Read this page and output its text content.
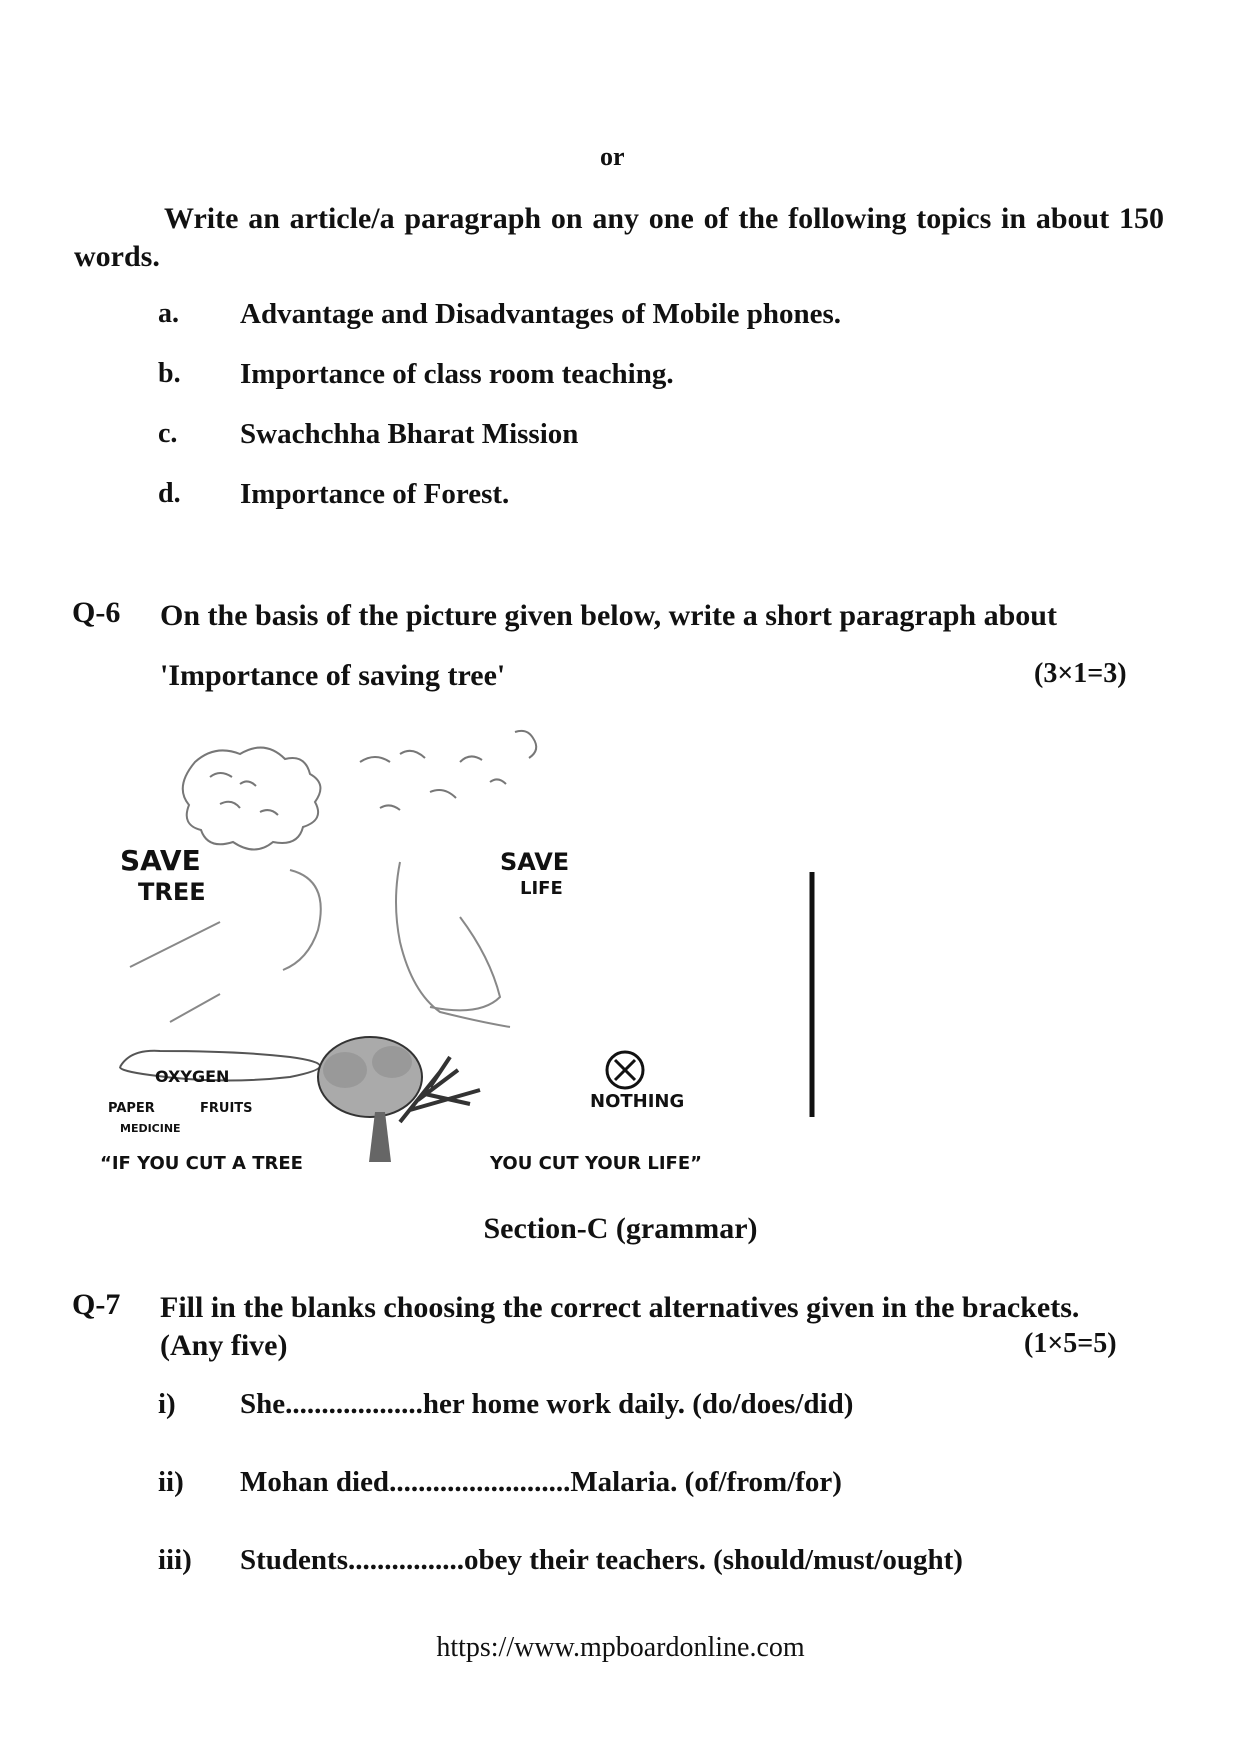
or
Write an article/a paragraph on any one of the following topics in about 150 words.
a. Advantage and Disadvantages of Mobile phones.
b. Importance of class room teaching.
c. Swachchha Bharat Mission
d. Importance of Forest.
Q-6 On the basis of the picture given below, write a short paragraph about
'Importance of saving tree'	(3×1=3)
SAVE
TREE
SAVE
LIFE
OXYGEN
PAPER	FRUITS
MEDICINE
NOTHING
“IF YOU CUT A TREE	YOU CUT YOUR LIFE”
Section-C (grammar)
Q-7 Fill in the blanks choosing the correct alternatives given in the brackets.
(Any five)	(1×5=5)
i) She...................her home work daily. (do/does/did)
ii) Mohan died.........................Malaria. (of/from/for)
iii) Students................obey their teachers. (should/must/ought)
https://www.mpboardonline.com
